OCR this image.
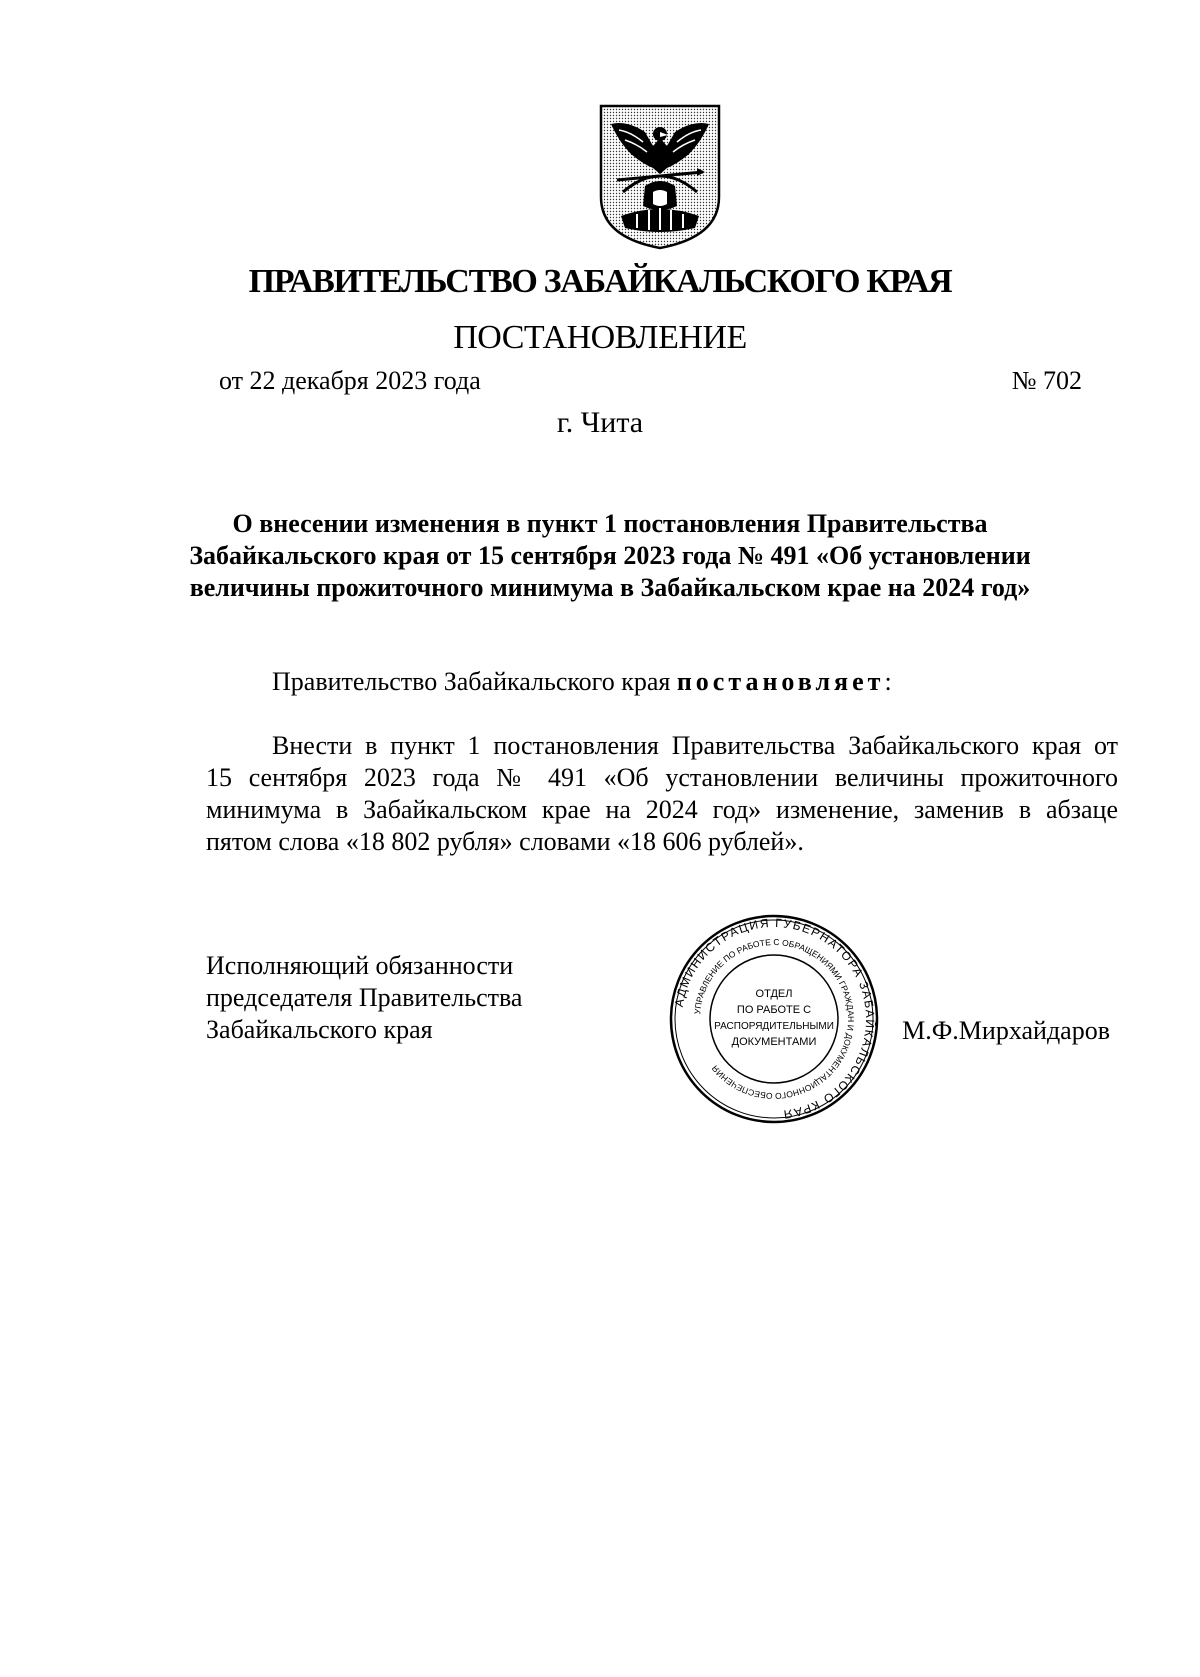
ПРАВИТЕЛЬСТВО ЗАБАЙКАЛЬСКОГО КРАЯ
ПОСТАНОВЛЕНИЕ
от 22 декабря 2023 года	№ 702
г. Чита
О внесении изменения в пункт 1 постановления Правительства
Забайкальского края от 15 сентября 2023 года № 491 «Об установлении
величины прожиточного минимума в Забайкальском крае на 2024 год»
Правительство Забайкальского края постановляет:
Внести в пункт 1 постановления Правительства Забайкальского края от
15 сентября 2023 года № 491 «Об установлении величины прожиточного
минимума в Забайкальском крае на 2024 год» изменение, заменив в абзаце
пятом слова «18 802 рубля» словами «18 606 рублей».
Исполняющий обязанности
председателя Правительства
Забайкальского края
АДМИНИСТРАЦИЯ ГУБЕРНАТОРА ЗАБАЙКАЛЬСКОГО КРАЯ
УПРАВЛЕНИЕ ПО РАБОТЕ С ОБРАЩЕНИЯМИ ГРАЖДАН И ДОКУМЕНТАЦИОННОГО ОБЕСПЕЧЕНИЯ
ОТДЕЛ
ПО РАБОТЕ С
РАСПОРЯДИТЕЛЬНЫМИ
ДОКУМЕНТАМИ	М.Ф.Мирхайдаров
